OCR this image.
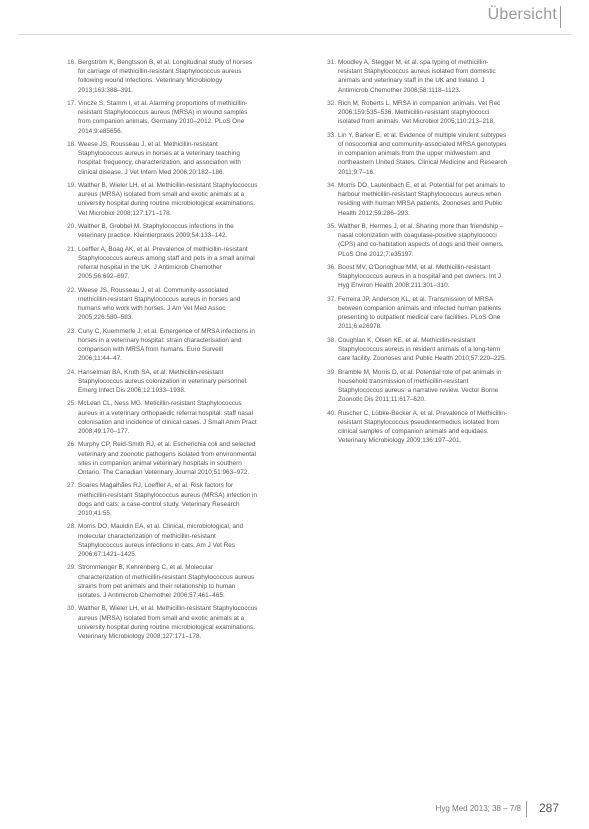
Übersicht
16. Bergström K, Bengtsson B, et al. Longitudinal study of horses for carriage of methicillin-resistant Staphylococcus aureus following wound infections. Veterinary Microbiology 2013;163:388–391.
17. Vincze S, Stamm I, et al. Alarming proportions of methicillin-resistant Staphylococcus aureus (MRSA) in wound samples from companion animals, Germany 2010–2012. PLoS One 2014;9:e85656.
18. Weese JS, Rousseau J, et al. Methicillin-resistant Staphylococcus aureus in horses at a veterinary teaching hospital: frequency, characterization, and association with clinical disease. J Vet Intern Med 2006;20:182–186.
19. Walther B, Wieler LH, et al. Methicillin-resistant Staphylococcus aureus (MRSA) isolated from small and exotic animals at a university hospital during routine microbiological examinations. Vet Microbiol 2008;127:171–178.
20. Walther B, Grobbel M. Staphylococcus infections in the veterinary practice. Kleintierpraxis 2009;54:133–142.
21. Loeffler A, Boag AK, et al. Prevalence of methicillin-resistant Staphylococcus aureus among staff and pets in a small animal referral hospital in the UK. J Antimicrob Chemother 2005;56:692–697.
22. Weese JS, Rousseau J, et al. Community-associated methicillin-resistant Staphylococcus aureus in horses and humans who work with horses. J Am Vet Med Assoc 2005;226:580–583.
23. Cuny C, Kuemmerle J, et al. Emergence of MRSA infections in horses in a veterinary hospital: strain characterisation and comparison with MRSA from humans. Euro Surveill 2006;11:44–47.
24. Hanselman BA, Kruth SA, et al. Methicillin-resistant Staphylococcus aureus colonization in veterinary personnel. Emerg Infect Dis 2006;12:1933–1938.
25. McLean CL, Ness MG. Meticillin-resistant Staphylococcus aureus in a veterinary orthopaedic referral hospital: staff nasal colonisation and incidence of clinical cases. J Small Anim Pract 2008;49:170–177.
26. Murphy CP, Reid-Smith RJ, et al. Escherichia coli and selected veterinary and zoonotic pathogens isolated from environmental sites in companion animal veterinary hospitals in southern Ontario. The Canadian Veterinary Journal 2010;51:963–972.
27. Soares Magalhães RJ, Loeffler A, et al. Risk factors for methicillin-resistant Staphylococcus aureus (MRSA) infection in dogs and cats: a case-control study. Veterinary Research 2010;41:55.
28. Morris DO, Mauldin EA, et al. Clinical, microbiological, and molecular characterization of methicillin-resistant Staphylococcus aureus infections in cats. Am J Vet Res 2006;67:1421–1425.
29. Strommenger B, Kehrenberg C, et al. Molecular characterization of methicillin-resistant Staphylococcus aureus strains from pet animals and their relationship to human isolates. J Antimicrob Chemother 2006;57:461–465.
30. Walther B, Wieler LH, et al. Methicillin-resistant Staphylococcus aureus (MRSA) isolated from small and exotic animals at a university hospital during routine microbiological examinations. Veterinary Microbiology 2008;127:171–178.
31. Moodley A, Stegger M, et al. spa typing of methicillin-resistant Staphylococcus aureus isolated from domestic animals and veterinary staff in the UK and Ireland. J Antimicrob Chemother 2006;58:1118–1123.
32. Rich M, Roberts L. MRSA in companion animals. Vet Rec 2006;159:535–536. Methicillin-resistant staphylococci isolated from animals. Vet Microbiol 2005;110:213–218.
33. Lin Y, Barker E, et al. Evidence of multiple virulent subtypes of nosocomial and community-associated MRSA genotypes in companion animals from the upper midwestern and northeastern United States. Clinical Medicine and Research 2011;9:7–16.
34. Morris DO, Lautenbach E, et al. Potential for pet animals to harbour methicillin-resistant Staphylococcus aureus when residing with human MRSA patients. Zoonoses and Public Health 2012;59:286–293.
35. Walther B, Hermes J, et al. Sharing more than friendship – nasal colonization with coagulase-positive staphylococci (CPS) and co-habitation aspects of dogs and their owners. PLoS One 2012;7:e35197.
36. Boost MV, O'Donoghue MM, et al. Methicillin-resistant Staphylococcus aureus in a hospital and pet owners. Int J Hyg Environ Health 2008;211:301–310.
37. Ferreira JP, Anderson KL, et al. Transmission of MRSA between companion animals and infected human patients presenting to outpatient medical care facilities. PLoS One 2011;6:e26978.
38. Coughlan K, Olsen KE, et al. Methicillin-resistant Staphylococcus aureus in resident animals of a long-term care facility. Zoonoses and Public Health 2010;57:220–225.
39. Bramble M, Morris D, et al. Potential role of pet animals in household transmission of methicillin-resistant Staphylococcus aureus: a narrative review. Vector Borne Zoonotic Dis 2011;11:617–620.
40. Ruscher C, Lübke-Becker A, et al. Prevalence of Methicillin-resistant Staphylococcus pseudintermedius isolated from clinical samples of companion animals and equidaes. Veterinary Microbiology 2009;136:197–201.
Hyg Med 2013; 38 – 7/8 287
